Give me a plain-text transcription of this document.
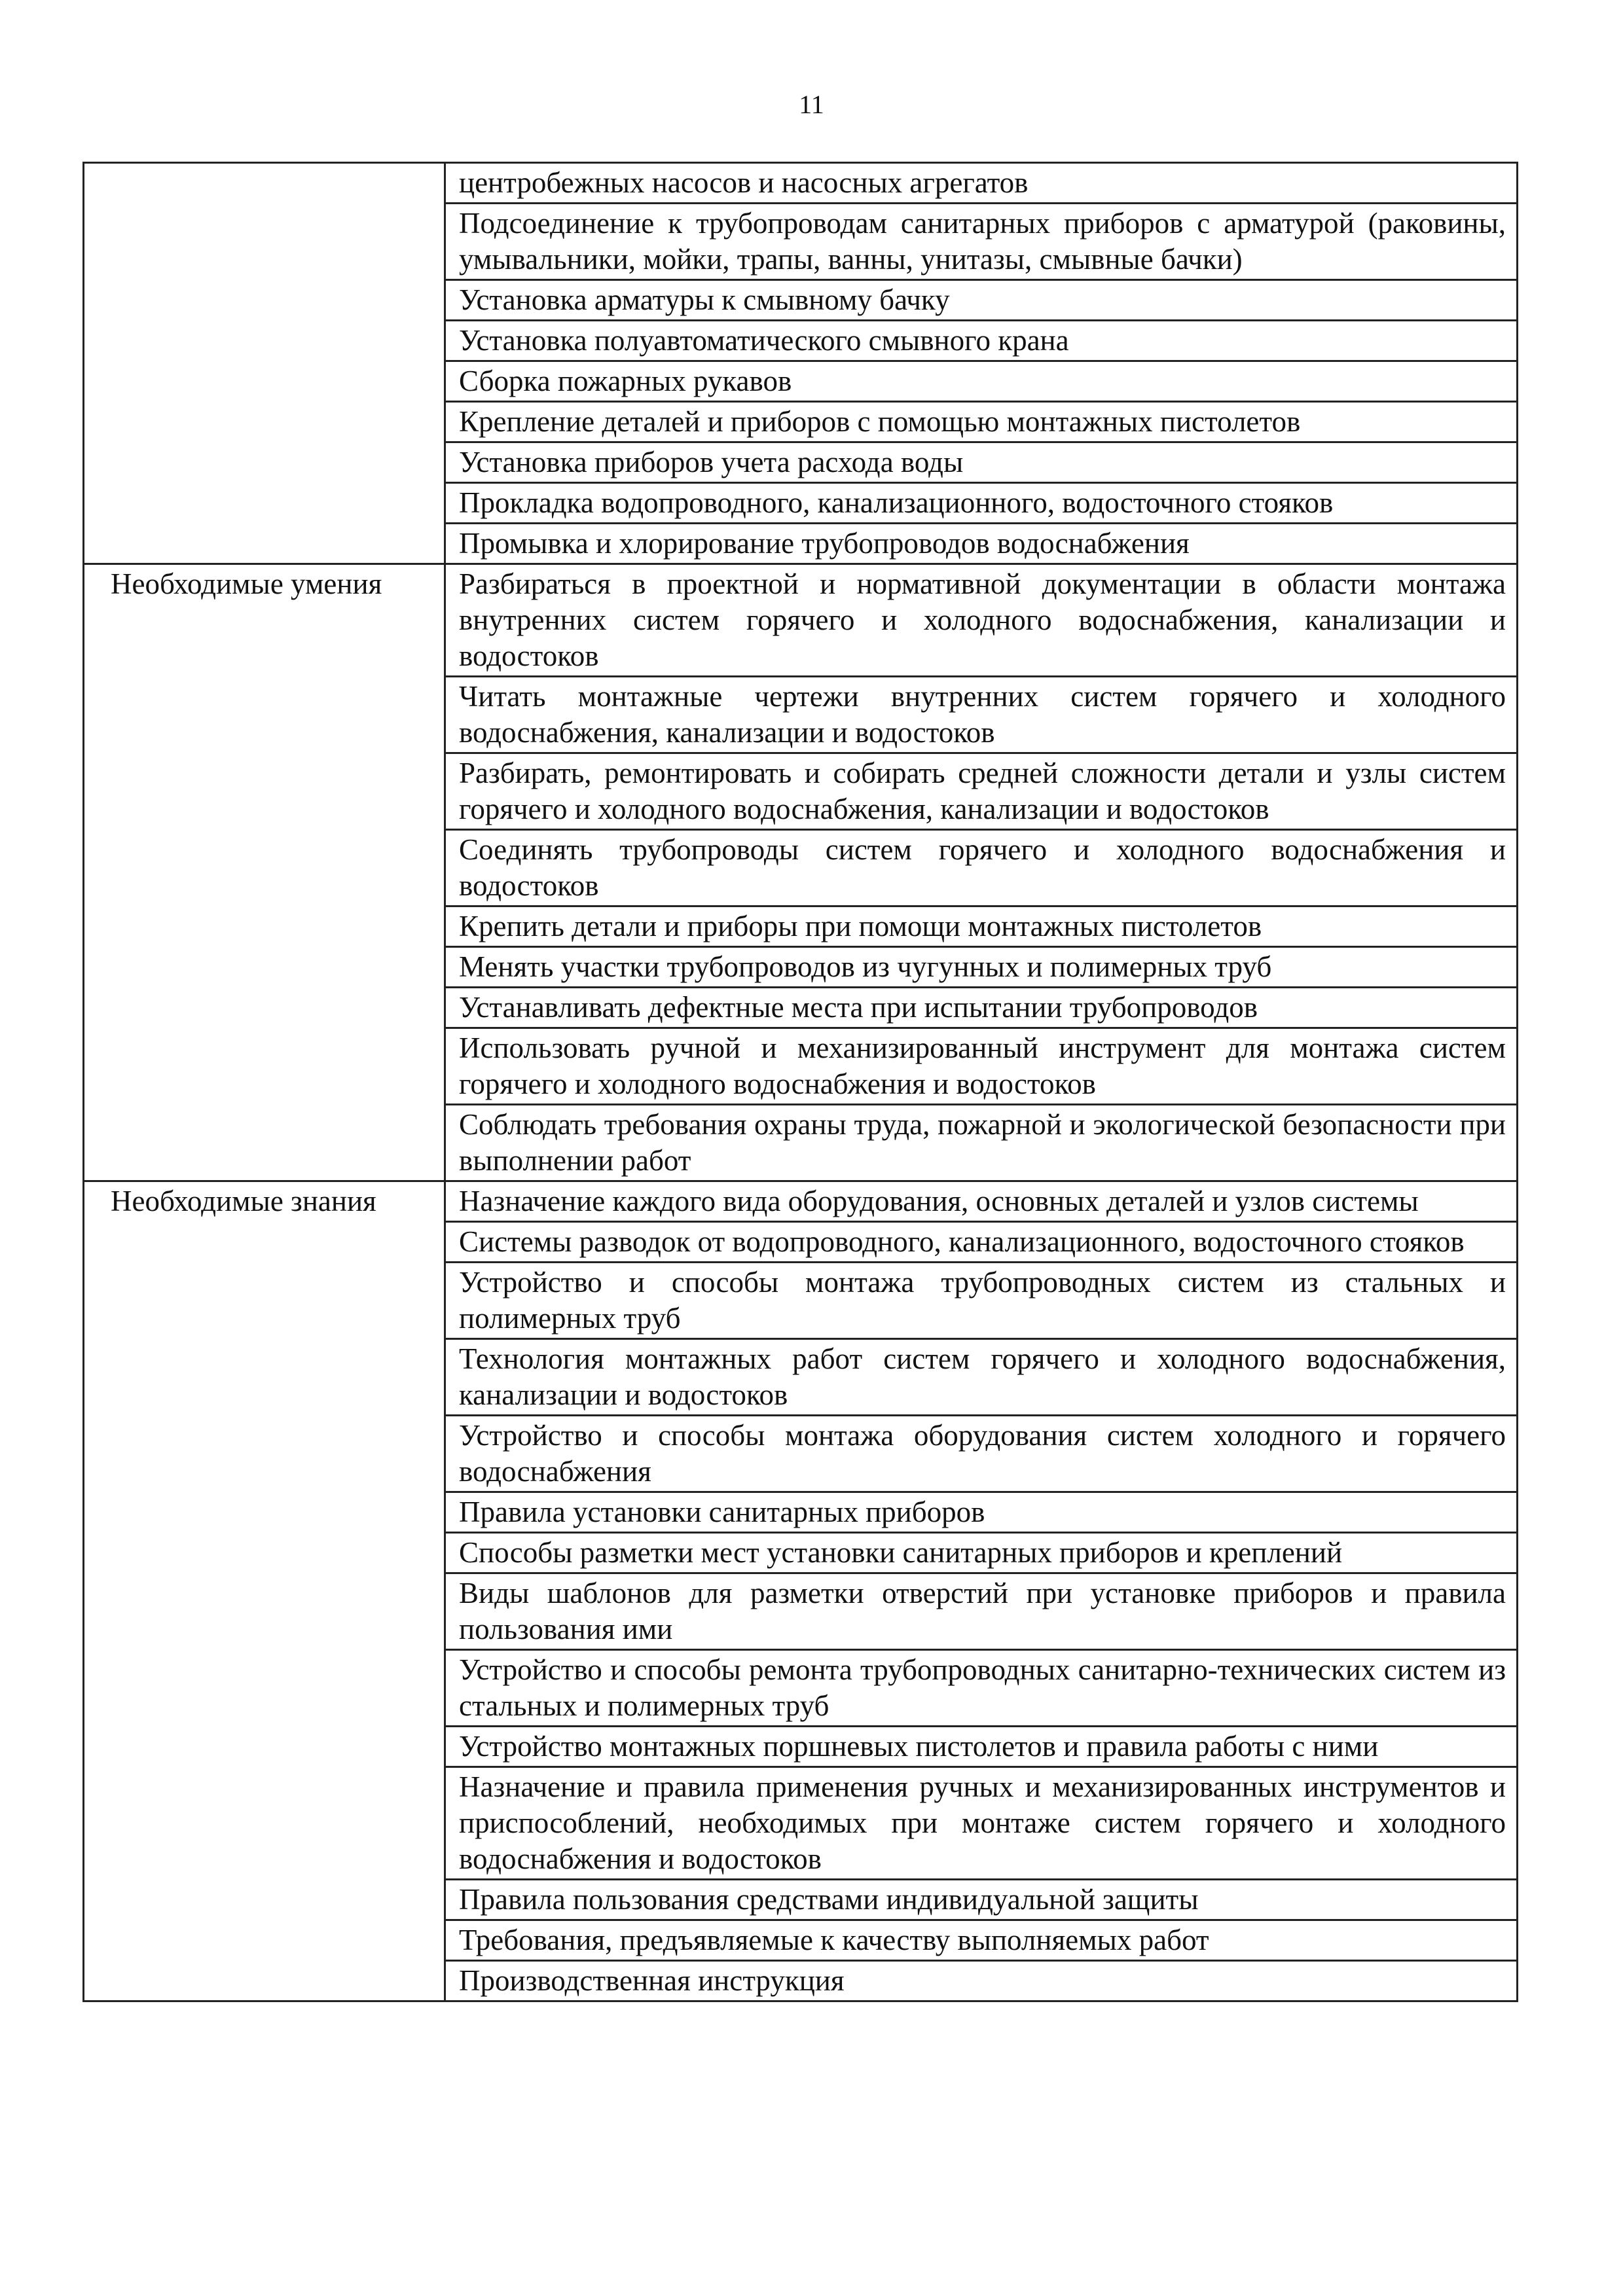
11
	центробежных насосов и насосных агрегатов
	Подсоединение к трубопроводам санитарных приборов с арматурой (раковины, умывальники, мойки, трапы, ванны, унитазы, смывные бачки)
	Установка арматуры к смывному бачку
	Установка полуавтоматического смывного крана
	Сборка пожарных рукавов
	Крепление деталей и приборов с помощью монтажных пистолетов
	Установка приборов учета расхода воды
	Прокладка водопроводного, канализационного, водосточного стояков
	Промывка и хлорирование трубопроводов водоснабжения
Необходимые умения	Разбираться в проектной и нормативной документации в области монтажа внутренних систем горячего и холодного водоснабжения, канализации и водостоков
	Читать монтажные чертежи внутренних систем горячего и холодного водоснабжения, канализации и водостоков
	Разбирать, ремонтировать и собирать средней сложности детали и узлы систем горячего и холодного водоснабжения, канализации и водостоков
	Соединять трубопроводы систем горячего и холодного водоснабжения и водостоков
	Крепить детали и приборы при помощи монтажных пистолетов
	Менять участки трубопроводов из чугунных и полимерных труб
	Устанавливать дефектные места при испытании трубопроводов
	Использовать ручной и механизированный инструмент для монтажа систем горячего и холодного водоснабжения и водостоков
	Соблюдать требования охраны труда, пожарной и экологической безопасности при выполнении работ
Необходимые знания	Назначение каждого вида оборудования, основных деталей и узлов системы
	Системы разводок от водопроводного, канализационного, водосточного стояков
	Устройство и способы монтажа трубопроводных систем из стальных и полимерных труб
	Технология монтажных работ систем горячего и холодного водоснабжения, канализации и водостоков
	Устройство и способы монтажа оборудования систем холодного и горячего водоснабжения
	Правила установки санитарных приборов
	Способы разметки мест установки санитарных приборов и креплений
	Виды шаблонов для разметки отверстий при установке приборов и правила пользования ими
	Устройство и способы ремонта трубопроводных санитарно-технических систем из стальных и полимерных труб
	Устройство монтажных поршневых пистолетов и правила работы с ними
	Назначение и правила применения ручных и механизированных инструментов и приспособлений, необходимых при монтаже систем горячего и холодного водоснабжения и водостоков
	Правила пользования средствами индивидуальной защиты
	Требования, предъявляемые к качеству выполняемых работ
	Производственная инструкция
